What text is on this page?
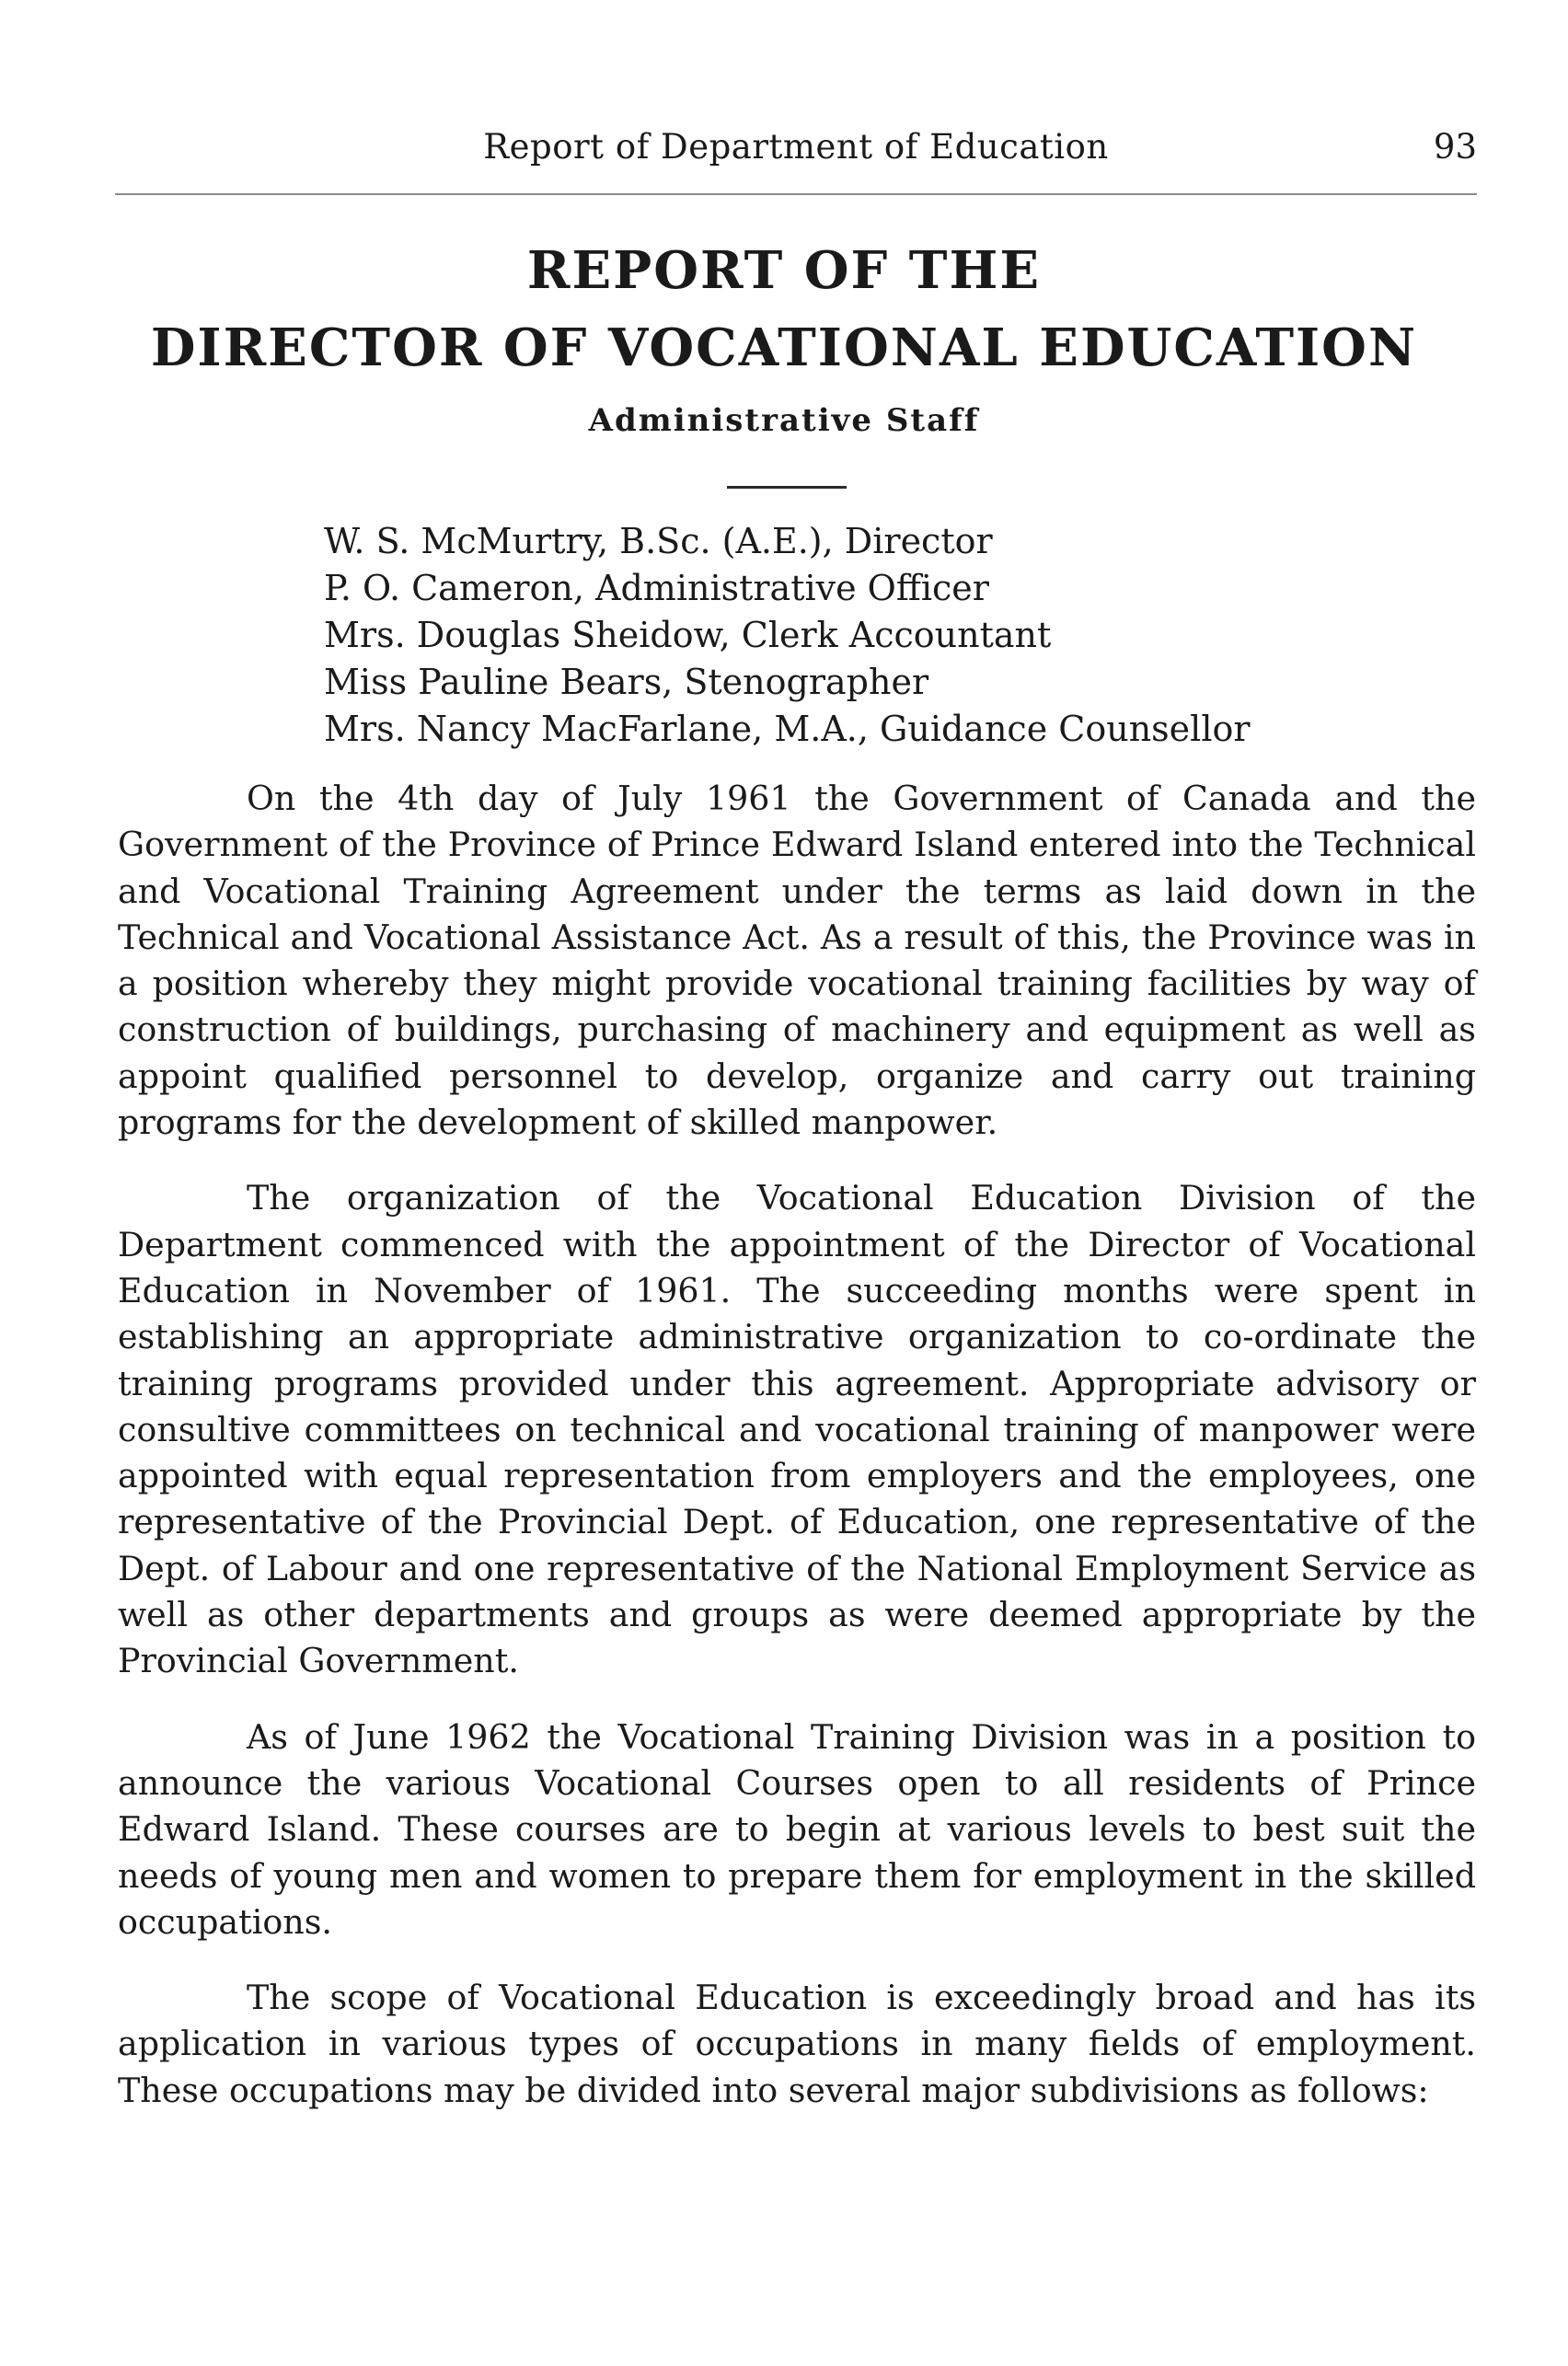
Report of Department of Education	93
REPORT OF THE
DIRECTOR OF VOCATIONAL EDUCATION
Administrative Staff
W. S. McMurtry, B.Sc. (A.E.), Director
P. O. Cameron, Administrative Officer
Mrs. Douglas Sheidow, Clerk Accountant
Miss Pauline Bears, Stenographer
Mrs. Nancy MacFarlane, M.A., Guidance Counsellor

On the 4th day of July 1961 the Government of Canada and the Government of the Province of Prince Edward Island entered into the Technical and Vocational Training Agreement under the terms as laid down in the Technical and Vocational Assistance Act. As a result of this, the Province was in a position whereby they might provide vocational training facilities by way of construction of buildings, purchasing of machinery and equipment as well as appoint qualified personnel to develop, organize and carry out training programs for the development of skilled manpower.

The organization of the Vocational Education Division of the Department commenced with the appointment of the Director of Vocational Education in November of 1961. The succeeding months were spent in establishing an appropriate administrative organization to co-ordinate the training programs provided under this agreement. Appropriate advisory or consultive committees on technical and vocational training of manpower were appointed with equal representation from employers and the employees, one representative of the Provincial Dept. of Education, one representative of the Dept. of Labour and one representative of the National Employment Service as well as other departments and groups as were deemed appropriate by the Provincial Government.

As of June 1962 the Vocational Training Division was in a position to announce the various Vocational Courses open to all residents of Prince Edward Island. These courses are to begin at various levels to best suit the needs of young men and women to prepare them for employment in the skilled occupations.

The scope of Vocational Education is exceedingly broad and has its application in various types of occupations in many fields of employment. These occupations may be divided into several major subdivisions as follows:
